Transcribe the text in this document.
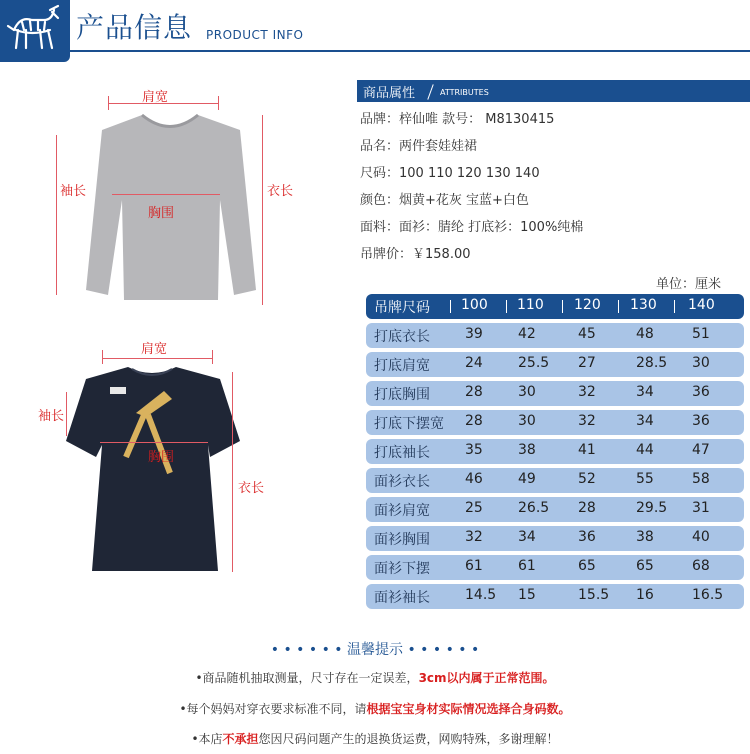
产品信息 PRODUCT INFO
肩宽
袖长	衣长
胸围
肩宽
袖长
衣长
胸围
商品属性	ATTRIBUTES
品牌：梓仙唯 款号： M8130415
品名：两件套娃娃裙
尺码：100 110 120 130 140
颜色：烟黄+花灰 宝蓝+白色
面料：面衫：腈纶 打底衫：100%纯棉
吊牌价：￥158.00
单位：厘米
吊牌尺码 100 110 120 130 140
打底衣长	39	42	45	48	51
打底肩宽	24	25.5 27	28.5 30
打底胸围	28	30	32	34	36
打底下摆宽 28	30	32	34	36
打底袖长	35	38	41	44	47
面衫衣长	46	49	52	55	58
面衫肩宽	25	26.5 28	29.5 31
面衫胸围	32	34	36	38	40
面衫下摆	61	61	65	65	68
面衫袖长	14.5 15	15.5 16	16.5
• • • • • • 温馨提示 • • • • • •
•商品随机抽取测量，尺寸存在一定误差，3cm以内属于正常范围。
•每个妈妈对穿衣要求标准不同，请根据宝宝身材实际情况选择合身码数。
•本店不承担您因尺码问题产生的退换货运费，网购特殊，多谢理解！
